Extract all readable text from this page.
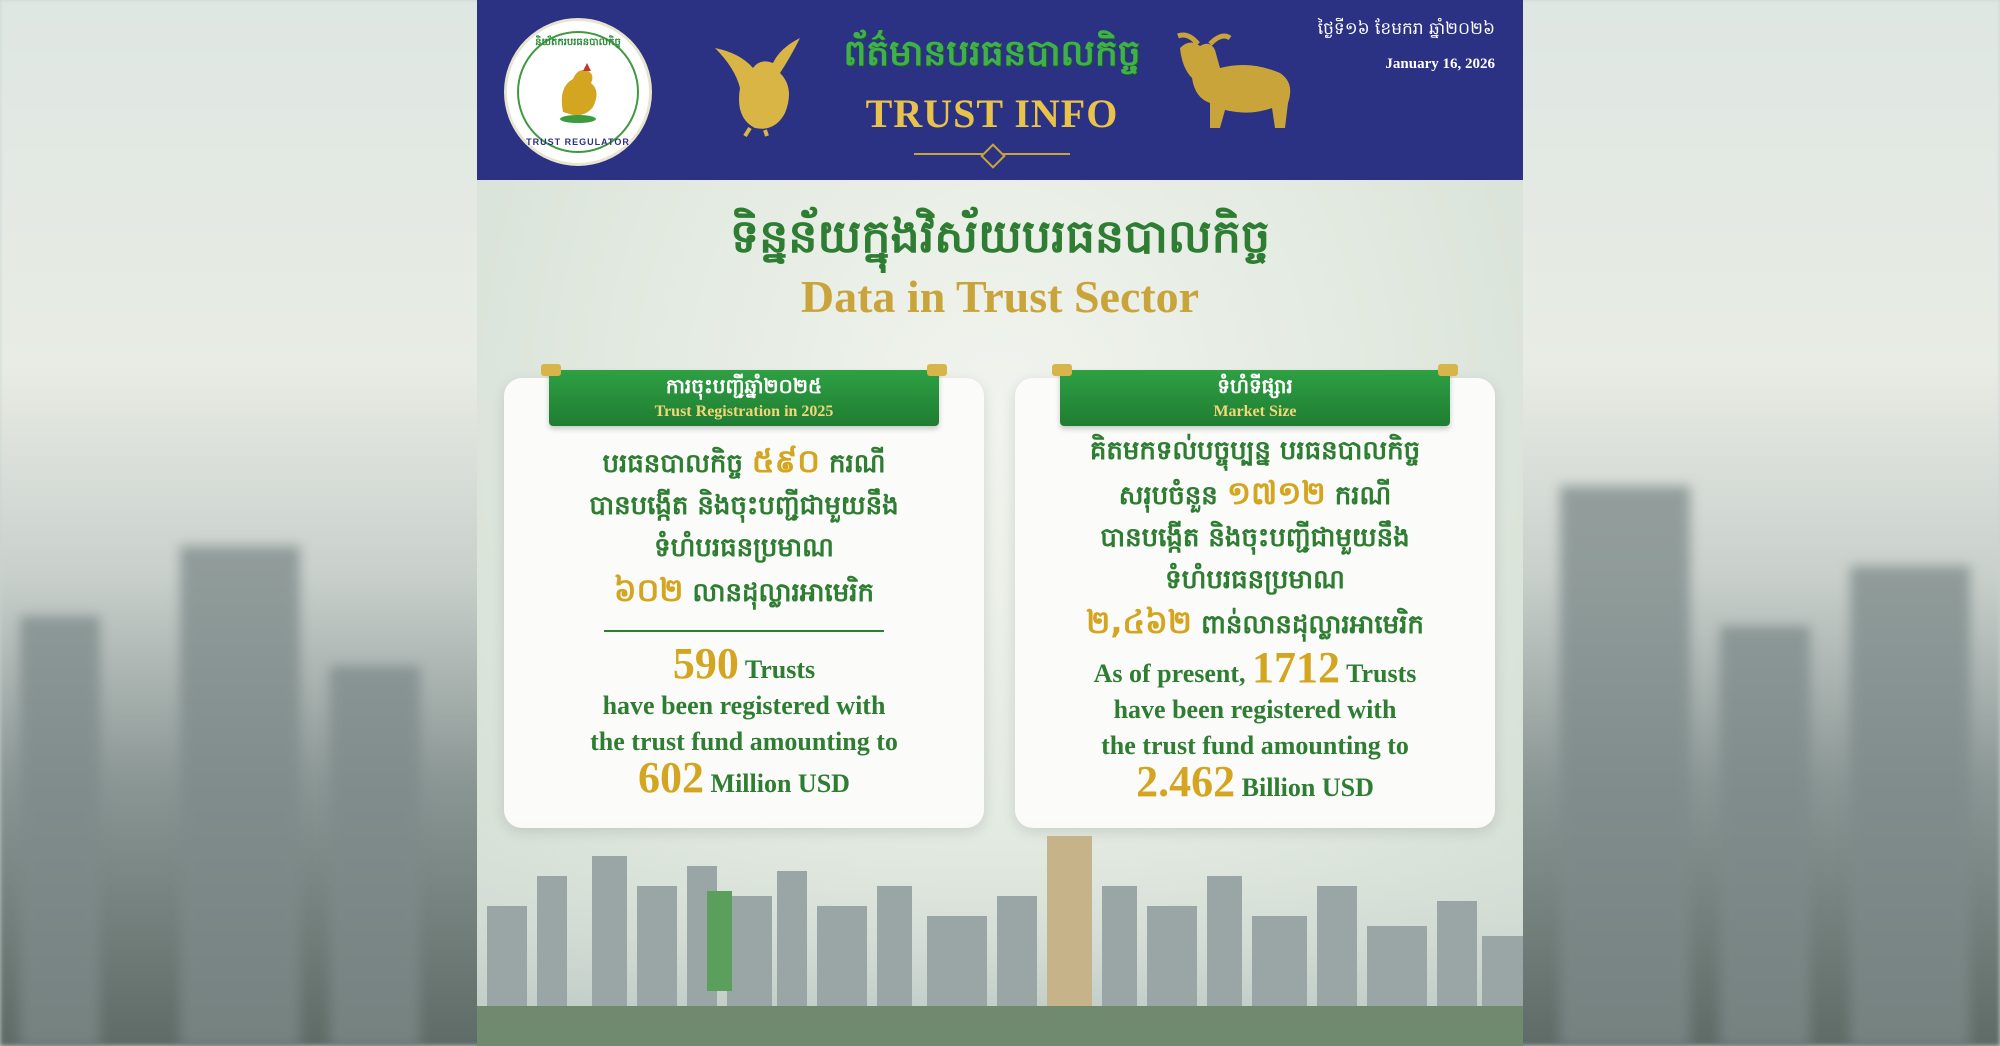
និយ័តករបរធនបាលកិច្ច
TRUST REGULATOR
ព័ត៌មានបរធនបាលកិច្ច
TRUST INFO
ថ្ងៃទី១៦ ខែមករា ឆ្នាំ២០២៦
January 16, 2026
ទិន្នន័យក្នុងវិស័យបរធនបាលកិច្ច
Data in Trust Sector
ការចុះបញ្ជីឆ្នាំ២០២៥
Trust Registration in 2025
បរធនបាលកិច្ច ៥៩០ ករណី
បានបង្កើត និងចុះបញ្ជីជាមួយនឹង
ទំហំបរធនប្រមាណ
៦០២ លានដុល្លារអាមេរិក
590 Trusts
have been registered with
the trust fund amounting to
602 Million USD
ទំហំទីផ្សារ
Market Size
គិតមកទល់បច្ចុប្បន្ន បរធនបាលកិច្ច
សរុបចំនួន ១៧១២ ករណី
បានបង្កើត និងចុះបញ្ជីជាមួយនឹង
ទំហំបរធនប្រមាណ
២,៤៦២ ពាន់លានដុល្លារអាមេរិក
As of present, 1712 Trusts
have been registered with
the trust fund amounting to
2.462 Billion USD
